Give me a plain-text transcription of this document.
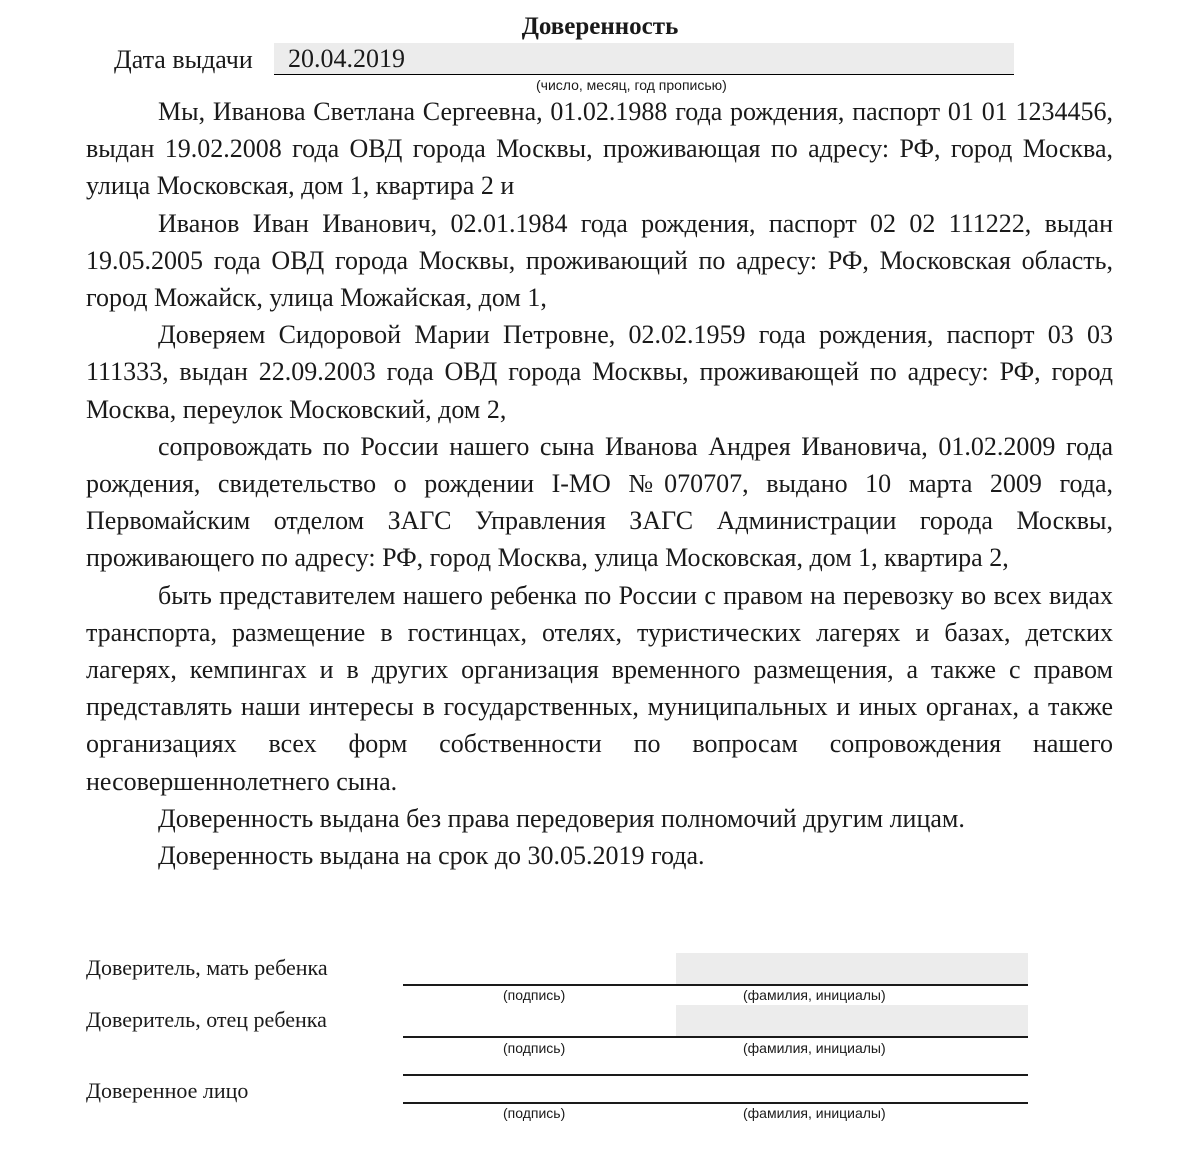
Доверенность
Дата выдачи	20.04.2019
(число, месяц, год прописью)

Мы, Иванова Светлана Сергеевна, 01.02.1988 года рождения, паспорт 01 01 1234456, выдан 19.02.2008 года ОВД города Москвы, проживающая по адресу: РФ, город Москва, улица Московская, дом 1, квартира 2 и

Иванов Иван Иванович, 02.01.1984 года рождения, паспорт 02 02 111222, выдан 19.05.2005 года ОВД города Москвы, проживающий по адресу: РФ, Московская область, город Можайск, улица Можайская, дом 1,

Доверяем Сидоровой Марии Петровне, 02.02.1959 года рождения, паспорт 03 03 111333, выдан 22.09.2003 года ОВД города Москвы, проживающей по адресу: РФ, город Москва, переулок Московский, дом 2,

сопровождать по России нашего сына Иванова Андрея Ивановича, 01.02.2009 года рождения, свидетельство о рождении I-МО №070707, выдано 10 марта 2009 года, Первомайским отделом ЗАГС Управления ЗАГС Администрации города Москвы, проживающего по адресу: РФ, город Москва, улица Московская, дом 1, квартира 2,

быть представителем нашего ребенка по России с правом на перевозку во всех видах транспорта, размещение в гостинцах, отелях, туристических лагерях и базах, детских лагерях, кемпингах и в других организация временного размещения, а также с правом представлять наши интересы в государственных, муниципальных и иных органах, а также организациях всех форм собственности по вопросам сопровождения нашего несовершеннолетнего сына.

Доверенность выдана без права передоверия полномочий другим лицам.

Доверенность выдана на срок до 30.05.2019 года.

Доверитель, мать ребенка
(подпись)	(фамилия, инициалы)
Доверитель, отец ребенка
(подпись)	(фамилия, инициалы)
Доверенное лицо
(подпись)	(фамилия, инициалы)
